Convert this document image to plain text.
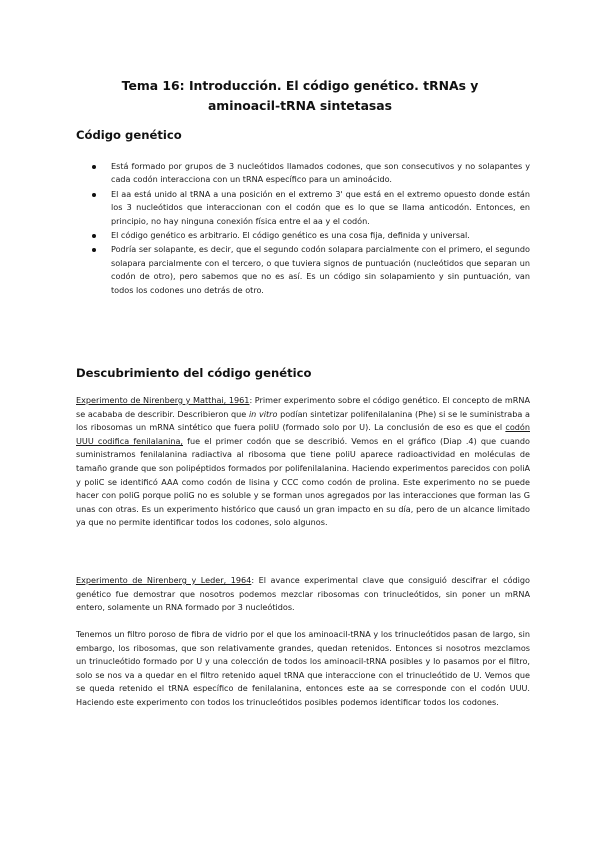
Tema 16: Introducción. El código genético. tRNAs y
aminoacil-tRNA sintetasas
Código genético
Está formado por grupos de 3 nucleótidos llamados codones, que son consecutivos y no solapantes y cada codón interacciona con un tRNA específico para un aminoácido.
El aa está unido al tRNA a una posición en el extremo 3' que está en el extremo opuesto donde están los 3 nucleótidos que interaccionan con el codón que es lo que se llama anticodón. Entonces, en principio, no hay ninguna conexión física entre el aa y el codón.
El código genético es arbitrario. El código genético es una cosa fija, definida y universal.
Podría ser solapante, es decir, que el segundo codón solapara parcialmente con el primero, el segundo solapara parcialmente con el tercero, o que tuviera signos de puntuación (nucleótidos que separan un codón de otro), pero sabemos que no es así. Es un código sin solapamiento y sin puntuación, van todos los codones uno detrás de otro.
Descubrimiento del código genético

Experimento de Nirenberg y Matthai, 1961: Primer experimento sobre el código genético. El concepto de mRNA se acababa de describir. Describieron que in vitro podían sintetizar polifenilalanina (Phe) si se le suministraba a los ribosomas un mRNA sintético que fuera poliU (formado solo por U). La conclusión de eso es que el codón UUU codifica fenilalanina, fue el primer codón que se describió. Vemos en el gráfico (Diap .4) que cuando suministramos fenilalanina radiactiva al ribosoma que tiene poliU aparece radioactividad en moléculas de tamaño grande que son polipéptidos formados por polifenilalanina. Haciendo experimentos parecidos con poliA y poliC se identificó AAA como codón de lisina y CCC como codón de prolina. Este experimento no se puede hacer con poliG porque poliG no es soluble y se forman unos agregados por las interacciones que forman las G unas con otras. Es un experimento histórico que causó un gran impacto en su día, pero de un alcance limitado ya que no permite identificar todos los codones, solo algunos.

Experimento de Nirenberg y Leder, 1964: El avance experimental clave que consiguió descifrar el código genético fue demostrar que nosotros podemos mezclar ribosomas con trinucleótidos, sin poner un mRNA entero, solamente un RNA formado por 3 nucleótidos.

Tenemos un filtro poroso de fibra de vidrio por el que los aminoacil-tRNA y los trinucleótidos pasan de largo, sin embargo, los ribosomas, que son relativamente grandes, quedan retenidos. Entonces si nosotros mezclamos un trinucleótido formado por U y una colección de todos los aminoacil-tRNA posibles y lo pasamos por el filtro, solo se nos va a quedar en el filtro retenido aquel tRNA que interaccione con el trinucleótido de U. Vemos que se queda retenido el tRNA específico de fenilalanina, entonces este aa se corresponde con el codón UUU. Haciendo este experimento con todos los trinucleótidos posibles podemos identificar todos los codones.
